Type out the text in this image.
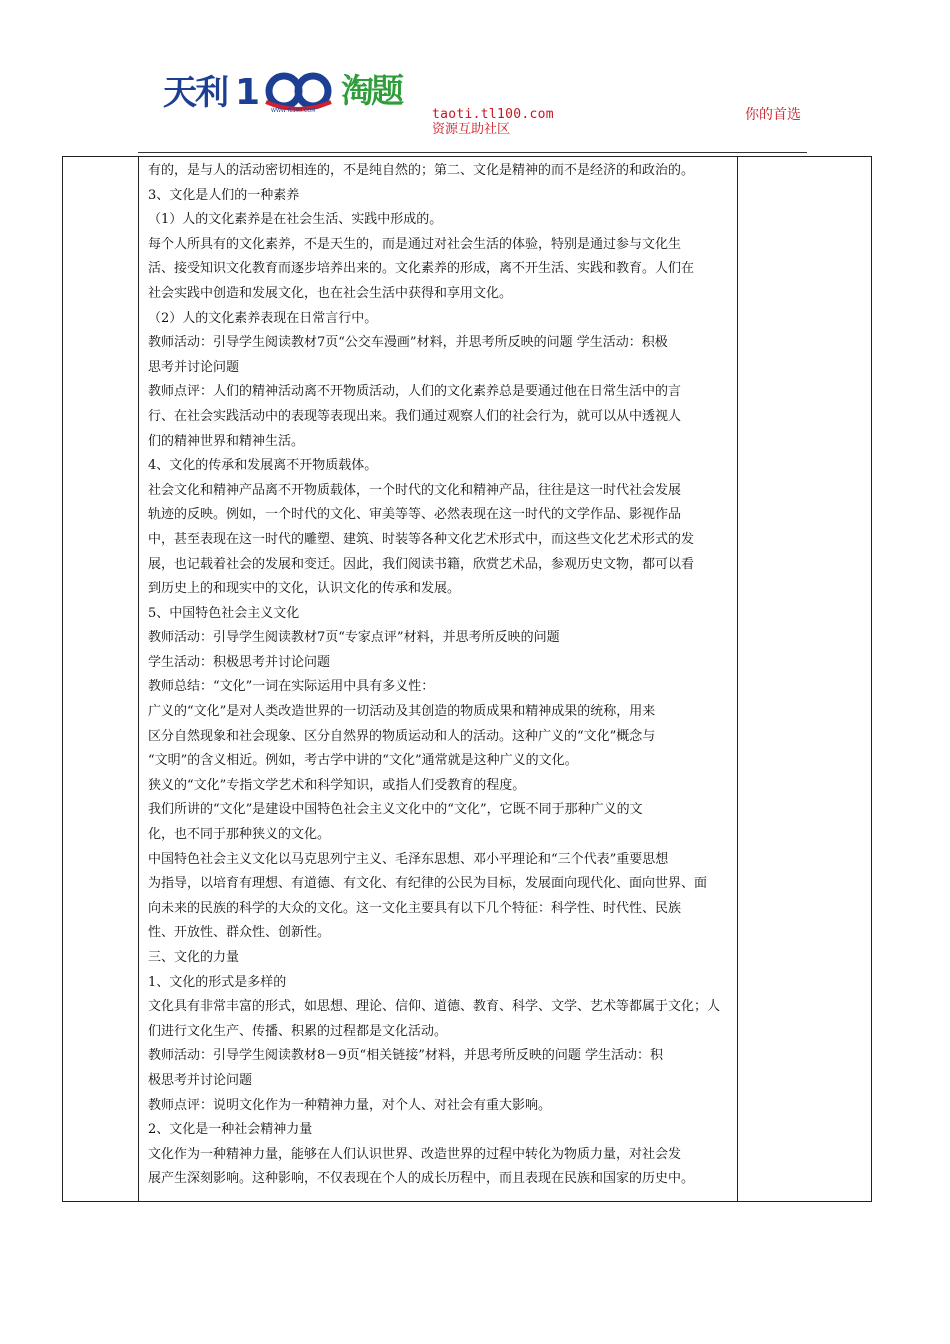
天利 1 WWW.TL100.COM
淘题
taoti.tl100.com
资源互助社区
你的首选

有的，是与人的活动密切相连的，不是纯自然的；第二、文化是精神的而不是经济的和政治的。

3、文化是人们的一种素养

（1）人的文化素养是在社会生活、实践中形成的。

每个人所具有的文化素养，不是天生的，而是通过对社会生活的体验，特别是通过参与文化生

活、接受知识文化教育而逐步培养出来的。文化素养的形成，离不开生活、实践和教育。人们在

社会实践中创造和发展文化，也在社会生活中获得和享用文化。

（2）人的文化素养表现在日常言行中。

教师活动：引导学生阅读教材7页“公交车漫画”材料，并思考所反映的问题 学生活动：积极

思考并讨论问题

教师点评：人们的精神活动离不开物质活动，人们的文化素养总是要通过他在日常生活中的言

行、在社会实践活动中的表现等表现出来。我们通过观察人们的社会行为，就可以从中透视人

们的精神世界和精神生活。

4、文化的传承和发展离不开物质载体。

社会文化和精神产品离不开物质载体，一个时代的文化和精神产品，往往是这一时代社会发展

轨迹的反映。例如，一个时代的文化、审美等等、必然表现在这一时代的文学作品、影视作品

中，甚至表现在这一时代的雕塑、建筑、时装等各种文化艺术形式中，而这些文化艺术形式的发

展，也记载着社会的发展和变迁。因此，我们阅读书籍，欣赏艺术品，参观历史文物，都可以看

到历史上的和现实中的文化，认识文化的传承和发展。

5、中国特色社会主义文化

教师活动：引导学生阅读教材7页“专家点评”材料，并思考所反映的问题

学生活动：积极思考并讨论问题

教师总结：“文化”一词在实际运用中具有多义性：

广义的“文化”是对人类改造世界的一切活动及其创造的物质成果和精神成果的统称，用来

区分自然现象和社会现象、区分自然界的物质运动和人的活动。这种广义的“文化”概念与

“文明”的含义相近。例如，考古学中讲的“文化”通常就是这种广义的文化。

狭义的“文化”专指文学艺术和科学知识，或指人们受教育的程度。

我们所讲的“文化”是建设中国特色社会主义文化中的“文化”，它既不同于那种广义的文

化，也不同于那种狭义的文化。

中国特色社会主义文化以马克思列宁主义、毛泽东思想、邓小平理论和“三个代表”重要思想

为指导，以培育有理想、有道德、有文化、有纪律的公民为目标，发展面向现代化、面向世界、面

向未来的民族的科学的大众的文化。这一文化主要具有以下几个特征：科学性、时代性、民族

性、开放性、群众性、创新性。

三、文化的力量

1、文化的形式是多样的

文化具有非常丰富的形式，如思想、理论、信仰、道德、教育、科学、文学、艺术等都属于文化；人

们进行文化生产、传播、积累的过程都是文化活动。

教师活动：引导学生阅读教材8－9页“相关链接”材料，并思考所反映的问题 学生活动：积

极思考并讨论问题

教师点评：说明文化作为一种精神力量，对个人、对社会有重大影响。

2、文化是一种社会精神力量

文化作为一种精神力量，能够在人们认识世界、改造世界的过程中转化为物质力量，对社会发

展产生深刻影响。这种影响，不仅表现在个人的成长历程中，而且表现在民族和国家的历史中。
